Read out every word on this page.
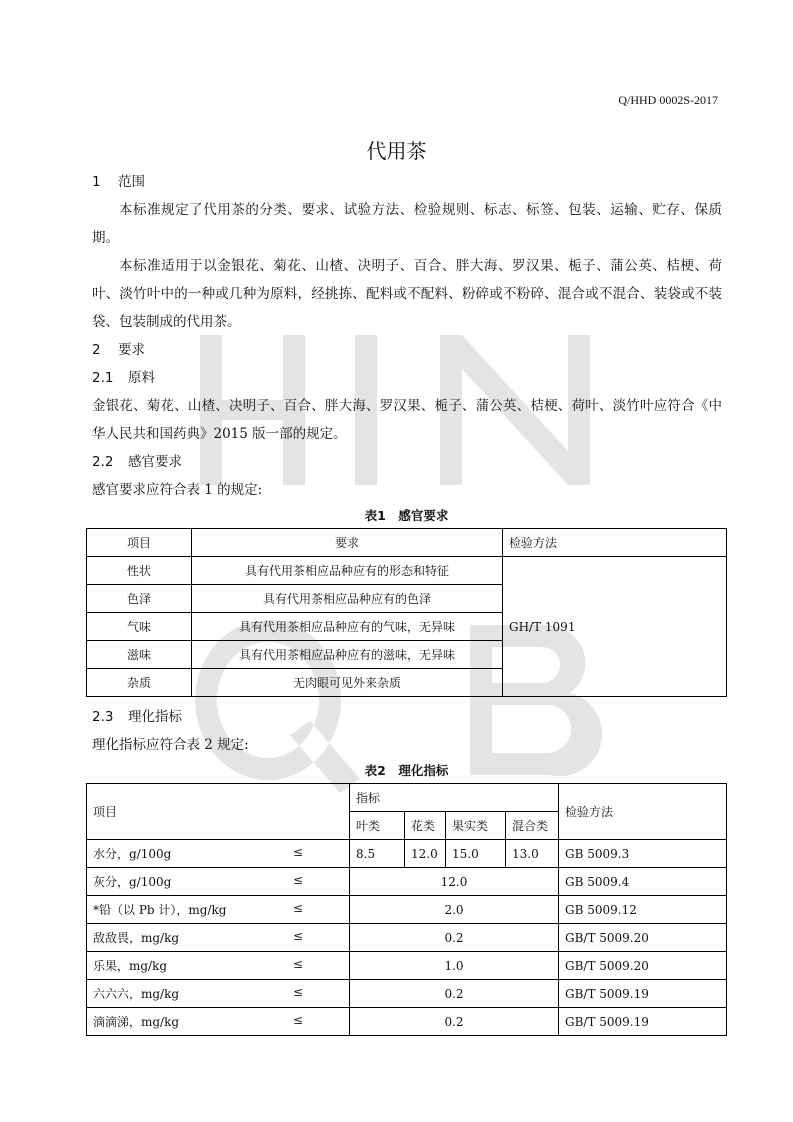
Q/HHD 0002S-2017
代用茶
1 范围
本标准规定了代用茶的分类、要求、试验方法、检验规则、标志、标签、包装、运输、贮存、保质期。
本标准适用于以金银花、菊花、山楂、决明子、百合、胖大海、罗汉果、栀子、蒲公英、桔梗、荷叶、淡竹叶中的一种或几种为原料，经挑拣、配料或不配料、粉碎或不粉碎、混合或不混合、装袋或不装袋、包装制成的代用茶。
2 要求
2.1 原料
金银花、菊花、山楂、决明子、百合、胖大海、罗汉果、栀子、蒲公英、桔梗、荷叶、淡竹叶应符合《中华人民共和国药典》2015 版一部的规定。
2.2 感官要求
感官要求应符合表 1 的规定:
表1　感官要求
项目	要求	检验方法
性状	具有代用茶相应品种应有的形态和特征	GH/T 1091
色泽	具有代用茶相应品种应有的色泽	
气味	具有代用茶相应品种应有的气味，无异味	
滋味	具有代用茶相应品种应有的滋味，无异味	
杂质	无肉眼可见外来杂质	
2.3 理化指标
理化指标应符合表 2 规定:
表2　理化指标
项目	指标				检验方法
	叶类	花类	果实类	混合类	

水分，g/100g ≤	8.5	12.0	15.0	13.0	GB 5009.3

灰分，g/100g ≤	12.0				GB 5009.4

*铅（以 Pb 计），mg/kg ≤	2.0				GB 5009.12

敌敌畏，mg/kg ≤	0.2				GB/T 5009.20

乐果，mg/kg ≤	1.0				GB/T 5009.20

六六六，mg/kg ≤	0.2				GB/T 5009.19

滴滴涕，mg/kg ≤	0.2				GB/T 5009.19
